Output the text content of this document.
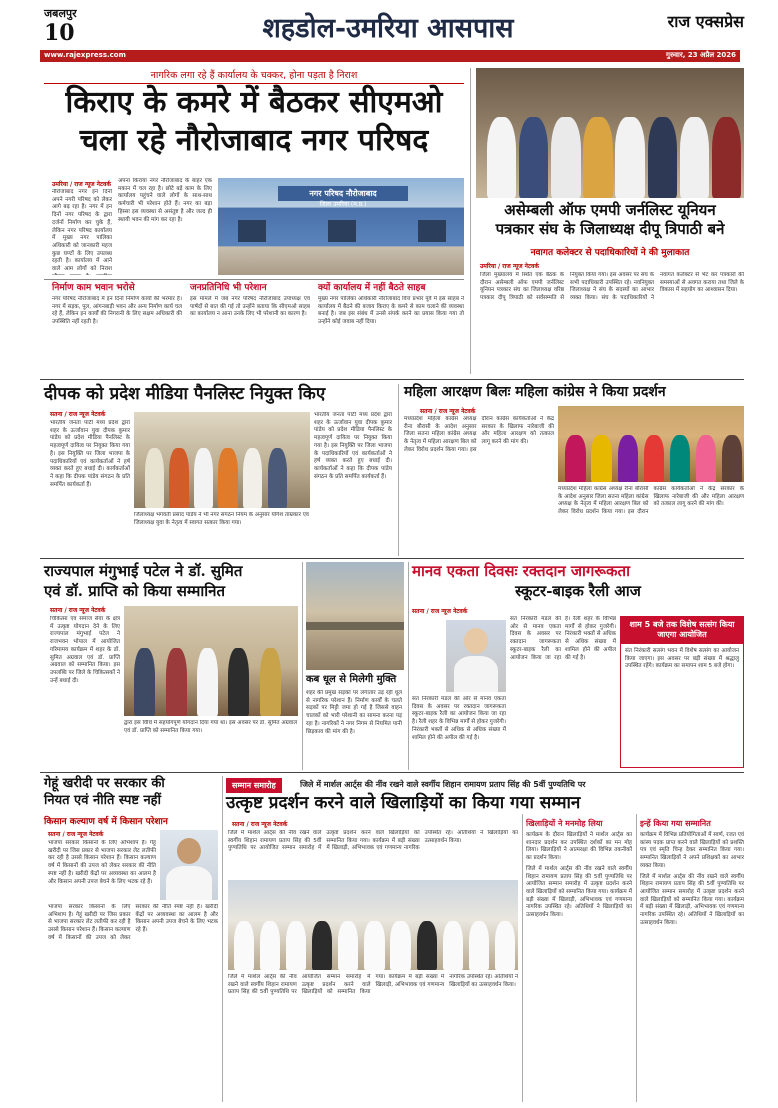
जबलपुर
10	शहडोल-उमरिया आसपास	राज एक्सप्रेस
www.rajexpress.com	गुरुवार, 23 अप्रैल 2026
नागरिक लगा रहे हैं कार्यालय के चक्कर, होना पड़ता है निराश
किराए के कमरे में बैठकर सीएमओ
चला रहे नौरोजाबाद नगर परिषद
उमरिया / राज न्यूज नेटवर्क
नौरोजाबाद नगर इन दिनों अपने नगरी परिषद को लेकर आगे बढ़ रहा है। नगर में इन दिनों नगर परिषद के द्वारा दर्जनों निर्माण कर चुके हैं, लेकिन नगर परिषद कार्यालय में मुख्य नगर पालिका अधिकारी को जानकारी महज कुछ घण्टों के लिए उपलब्ध रहती है। कार्यालय में आने वाले आम लोगों को निराश
अपना किराया नगर नौरोजाबाद के बाहर एक मकान में चल रहा है। छोटे बड़े काम के लिए कार्यालय पहुंचने वाले लोगों के साथ-साथ कर्मचारी भी परेशान होते हैं। नगर का बड़ा हिस्सा इस व्यवस्था से असंतुष्ट है और जल्द ही स्थायी भवन की मांग कर रहा है।
नगर परिषद नौरोजाबाद
जिला उमरिया (म.प्र.)
निर्माण काम भवान भरोसे
नगर परिषद नौरोजाबाद में इन दिनों निर्माण कार्यों की भरमार है। नगर में सड़क, पुल, आंगनबाड़ी भवन और अन्य निर्माण कार्य चल रहे हैं, लेकिन इन कार्यों की निगरानी के लिए सक्षम अधिकारी की उपस्थिति नहीं रहती है।
जनप्रतिनिधि भी परेशान
इस मामले में जब नगर परिषद नौरोजाबाद उपाध्यक्ष एवं पार्षदों से बात की गई तो उन्होंने बताया कि सीएमओ साहब का कार्यालय न आना उनके लिए भी परेशानी का कारण है।
क्यों कार्यालय में नहीं बैठते साहब
मुख्य नगर पालिका अधिकारी नौरोजाबाद वित्त प्रभार पूर्व में इस साहब ने कार्यालय में बैठने की बजाय किराए के कमरे से काम चलाने की व्यवस्था बनाई है। जब इस संबंध में उनसे संपर्क करने का प्रयास किया गया तो उन्होंने कोई जवाब नहीं दिया।
असेम्बली ऑफ एमपी जर्नलिस्ट यूनियन
पत्रकार संघ के जिलाध्यक्ष दीपू त्रिपाठी बने
नवागत कलेक्टर से पदाधिकारियों ने की मुलाकात
उमरिया / राज न्यूज नेटवर्क
जिला मुख्यालय में स्थित एक बैठक के दौरान असेम्बली ऑफ एमपी जर्नलिस्ट यूनियन पत्रकार संघ का जिलाध्यक्ष वरिष्ठ पत्रकार दीपू त्रिपाठी को सर्वसम्मति से नियुक्त किया गया। इस अवसर पर संघ के सभी पदाधिकारी उपस्थित रहे। नवनियुक्त जिलाध्यक्ष ने संघ के सदस्यों का आभार व्यक्त किया। संघ के पदाधिकारियों ने नवागत कलेक्टर से भेंट कर पत्रकारों की समस्याओं से अवगत कराया तथा जिले के विकास में सहयोग का आश्वासन दिया।
दीपक को प्रदेश मीडिया पैनलिस्ट नियुक्त किए
सतना / राज न्यूज नेटवर्क
भारतीय जनता पार्टी मध्य प्रदेश द्वारा शहर के ऊर्जावान युवा दीपक कुमार पांडेय को प्रदेश मीडिया पैनलिस्ट के महत्वपूर्ण दायित्व पर नियुक्त किया गया है। इस नियुक्ति पर जिला भाजपा के पदाधिकारियों एवं कार्यकर्ताओं ने हर्ष व्यक्त करते हुए बधाई दी। कार्यकर्ताओं ने कहा कि दीपक पांडेय संगठन के प्रति समर्पित कार्यकर्ता हैं।
जिलाध्यक्ष भगवती प्रसाद पांडेय ने भी नगर संगठन नियम के अनुसार योगेश ताम्रकार एवं जिलाध्यक्ष युवा के नेतृत्व में स्वागत सत्कार किया गया।
भारतीय जनता पार्टी मध्य प्रदेश द्वारा शहर के ऊर्जावान युवा दीपक कुमार पांडेय को प्रदेश मीडिया पैनलिस्ट के महत्वपूर्ण दायित्व पर नियुक्त किया गया है। इस नियुक्ति पर जिला भाजपा के पदाधिकारियों एवं कार्यकर्ताओं ने हर्ष व्यक्त करते हुए बधाई दी। कार्यकर्ताओं ने कहा कि दीपक पांडेय संगठन के प्रति समर्पित कार्यकर्ता हैं।
महिला आरक्षण बिलः महिला कांग्रेस ने किया प्रदर्शन
सतना / राज न्यूज नेटवर्क
मध्यप्रदेश महिला कांग्रेस अध्यक्ष रीना बौरासी के आदेश अनुसार जिला सतना महिला कांग्रेस अध्यक्ष के नेतृत्व में महिला आरक्षण बिल को लेकर विरोध प्रदर्शन किया गया। इस दौरान कांग्रेस कार्यकर्ताओं ने केंद्र सरकार के खिलाफ नारेबाजी की और महिला आरक्षण को तत्काल लागू करने की मांग की।
मध्यप्रदेश महिला कांग्रेस अध्यक्ष रीना बौरासी के आदेश अनुसार जिला सतना महिला कांग्रेस अध्यक्ष के नेतृत्व में महिला आरक्षण बिल को लेकर विरोध प्रदर्शन किया गया। इस दौरान कांग्रेस कार्यकर्ताओं ने केंद्र सरकार के खिलाफ नारेबाजी की और महिला आरक्षण को तत्काल लागू करने की मांग की।
राज्यपाल मंगुभाई पटेल ने डॉ. सुमित
एवं डॉ. प्राप्ति को किया सम्मानित
सतना / राज न्यूज नेटवर्क
चिकित्सा एवं समाज सेवा के क्षेत्र में उत्कृष्ट योगदान देने के लिए राज्यपाल मंगुभाई पटेल ने राजभवन भोपाल में आयोजित गरिमामय कार्यक्रम में शहर के डॉ. सुमित अग्रवाल एवं डॉ. प्राप्ति अग्रवाल को सम्मानित किया। इस उपलब्धि पर जिले के चिकित्सकों ने उन्हें बधाई दी।
द्वारा इस विधि में सहयोगपूर्ण योगदान दिया गया था। इस अवसर पर डॉ. सुमित अग्रवाल एवं डॉ. प्राप्ति को सम्मानित किया गया।
कब धूल से मिलेगी मुक्ति
शहर की प्रमुख सड़कों पर लगातार उड़ रही धूल से नागरिक परेशान हैं। निर्माण कार्यों के चलते सड़कों पर मिट्टी जमा हो गई है जिससे वाहन चालकों को भारी परेशानी का सामना करना पड़ रहा है। नागरिकों ने नगर निगम से नियमित पानी छिड़काव की मांग की है।
मानव एकता दिवसः रक्तदान जागरूकता
स्कूटर-बाइक रैली आज
सतना / राज न्यूज नेटवर्क
संत निरंकारी मंडल की ओर से मानव एकता दिवस के अवसर पर रक्तदान जागरूकता स्कूटर-बाइक रैली का आयोजन किया जा रहा है। रैली शहर के विभिन्न मार्गों से होकर गुजरेगी। निरंकारी भक्तों से अधिक से अधिक संख्या में शामिल होने की अपील की गई है।
संत निरंकारी मंडल की ओर से मानव एकता दिवस के अवसर पर रक्तदान जागरूकता स्कूटर-बाइक रैली का आयोजन किया जा रहा है। रैली शहर के विभिन्न मार्गों से होकर गुजरेगी। निरंकारी भक्तों से अधिक से अधिक संख्या में शामिल होने की अपील की गई है।
शाम 5 बजे तक विशेष सत्संग किया जाएगा आयोजित
संत निरंकारी सत्संग भवन में विशेष सत्संग का आयोजन किया जाएगा। इस अवसर पर बड़ी संख्या में श्रद्धालु उपस्थित रहेंगे। कार्यक्रम का समापन शाम 5 बजे होगा।
गेहूं खरीदी पर सरकार की
नियत एवं नीति स्पष्ट नहीं
किसान कल्याण वर्ष में किसान परेशान
सतना / राज न्यूज नेटवर्क
भाजपा सरकार किसानों के लिए अभिशाप है। गेहूं खरीदी पर जिस प्रकार से भाजपा सरकार लेट लतीफी कर रही है उससे किसान परेशान हैं। किसान कल्याण वर्ष में किसानों की उपज को लेकर सरकार की नीति स्पष्ट नहीं है। खरीदी केंद्रों पर अव्यवस्था का आलम है और किसान अपनी उपज बेचने के लिए भटक रहे हैं।
भाजपा सरकार किसानों के लिए अभिशाप है। गेहूं खरीदी पर जिस प्रकार से भाजपा सरकार लेट लतीफी कर रही है उससे किसान परेशान हैं। किसान कल्याण वर्ष में किसानों की उपज को लेकर सरकार की नीति स्पष्ट नहीं है। खरीदी केंद्रों पर अव्यवस्था का आलम है और किसान अपनी उपज बेचने के लिए भटक रहे हैं।
सम्मान समारोह	जिले में मार्शल आर्ट्स की नींव रखने वाले स्वर्गीय शिहान रामायण प्रताप सिंह की 5वीं पुण्यतिथि पर
उत्कृष्ट प्रदर्शन करने वाले खिलाड़ियों का किया गया सम्मान
सतना / राज न्यूज नेटवर्क
जिले में मार्शल आर्ट्स की नींव रखने वाले स्वर्गीय शिहान रामायण प्रताप सिंह की 5वीं पुण्यतिथि पर आयोजित सम्मान समारोह में उत्कृष्ट प्रदर्शन करने वाले खिलाड़ियों को सम्मानित किया गया। कार्यक्रम में बड़ी संख्या में खिलाड़ी, अभिभावक एवं गणमान्य नागरिक उपस्थित रहे। अतिथियों ने खिलाड़ियों का उत्साहवर्धन किया।
जिले में मार्शल आर्ट्स की नींव रखने वाले स्वर्गीय शिहान रामायण प्रताप सिंह की 5वीं पुण्यतिथि पर आयोजित सम्मान समारोह में उत्कृष्ट प्रदर्शन करने वाले खिलाड़ियों को सम्मानित किया गया। कार्यक्रम में बड़ी संख्या में खिलाड़ी, अभिभावक एवं गणमान्य नागरिक उपस्थित रहे। अतिथियों ने खिलाड़ियों का उत्साहवर्धन किया।
खिलाड़ियों ने मनमोह लिया
कार्यक्रम के दौरान खिलाड़ियों ने मार्शल आर्ट्स का शानदार प्रदर्शन कर उपस्थित दर्शकों का मन मोह लिया। खिलाड़ियों ने आत्मरक्षा की विभिन्न तकनीकों का प्रदर्शन किया।
जिले में मार्शल आर्ट्स की नींव रखने वाले स्वर्गीय शिहान रामायण प्रताप सिंह की 5वीं पुण्यतिथि पर आयोजित सम्मान समारोह में उत्कृष्ट प्रदर्शन करने वाले खिलाड़ियों को सम्मानित किया गया। कार्यक्रम में बड़ी संख्या में खिलाड़ी, अभिभावक एवं गणमान्य नागरिक उपस्थित रहे। अतिथियों ने खिलाड़ियों का उत्साहवर्धन किया।
इन्हें किया गया सम्मानित
कार्यक्रम में विभिन्न प्रतियोगिताओं में स्वर्ण, रजत एवं कांस्य पदक प्राप्त करने वाले खिलाड़ियों को प्रशस्ति पत्र एवं स्मृति चिन्ह देकर सम्मानित किया गया। सम्मानित खिलाड़ियों ने अपने प्रशिक्षकों का आभार व्यक्त किया।
जिले में मार्शल आर्ट्स की नींव रखने वाले स्वर्गीय शिहान रामायण प्रताप सिंह की 5वीं पुण्यतिथि पर आयोजित सम्मान समारोह में उत्कृष्ट प्रदर्शन करने वाले खिलाड़ियों को सम्मानित किया गया। कार्यक्रम में बड़ी संख्या में खिलाड़ी, अभिभावक एवं गणमान्य नागरिक उपस्थित रहे। अतिथियों ने खिलाड़ियों का उत्साहवर्धन किया।
